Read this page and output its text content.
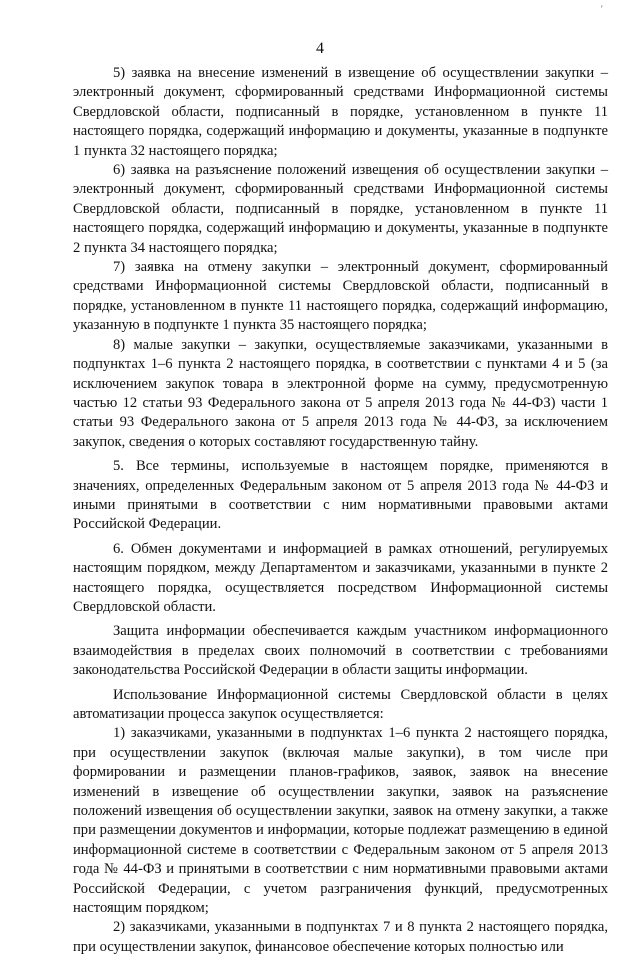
'
4

5) заявка на внесение изменений в извещение об осуществлении закупки – электронный документ, сформированный средствами Информационной системы Свердловской области, подписанный в порядке, установленном в пункте 11 настоящего порядка, содержащий информацию и документы, указанные в подпункте 1 пункта 32 настоящего порядка;

6) заявка на разъяснение положений извещения об осуществлении закупки – электронный документ, сформированный средствами Информационной системы Свердловской области, подписанный в порядке, установленном в пункте 11 настоящего порядка, содержащий информацию и документы, указанные в подпункте 2 пункта 34 настоящего порядка;

7) заявка на отмену закупки – электронный документ, сформированный средствами Информационной системы Свердловской области, подписанный в порядке, установленном в пункте 11 настоящего порядка, содержащий информацию, указанную в подпункте 1 пункта 35 настоящего порядка;

8) малые закупки – закупки, осуществляемые заказчиками, указанными в подпунктах 1–6 пункта 2 настоящего порядка, в соответствии с пунктами 4 и 5 (за исключением закупок товара в электронной форме на сумму, предусмотренную частью 12 статьи 93 Федерального закона от 5 апреля 2013 года № 44-ФЗ) части 1 статьи 93 Федерального закона от 5 апреля 2013 года № 44-ФЗ, за исключением закупок, сведения о которых составляют государственную тайну.

5. Все термины, используемые в настоящем порядке, применяются в значениях, определенных Федеральным законом от 5 апреля 2013 года № 44-ФЗ и иными принятыми в соответствии с ним нормативными правовыми актами Российской Федерации.

6. Обмен документами и информацией в рамках отношений, регулируемых настоящим порядком, между Департаментом и заказчиками, указанными в пункте 2 настоящего порядка, осуществляется посредством Информационной системы Свердловской области.

Защита информации обеспечивается каждым участником информационного взаимодействия в пределах своих полномочий в соответствии с требованиями законодательства Российской Федерации в области защиты информации.

Использование Информационной системы Свердловской области в целях автоматизации процесса закупок осуществляется:

1) заказчиками, указанными в подпунктах 1–6 пункта 2 настоящего порядка, при осуществлении закупок (включая малые закупки), в том числе при формировании и размещении планов-графиков, заявок, заявок на внесение изменений в извещение об осуществлении закупки, заявок на разъяснение положений извещения об осуществлении закупки, заявок на отмену закупки, а также при размещении документов и информации, которые подлежат размещению в единой информационной системе в соответствии с Федеральным законом от 5 апреля 2013 года № 44-ФЗ и принятыми в соответствии с ним нормативными правовыми актами Российской Федерации, с учетом разграничения функций, предусмотренных настоящим порядком;

2) заказчиками, указанными в подпунктах 7 и 8 пункта 2 настоящего порядка, при осуществлении закупок, финансовое обеспечение которых полностью или
